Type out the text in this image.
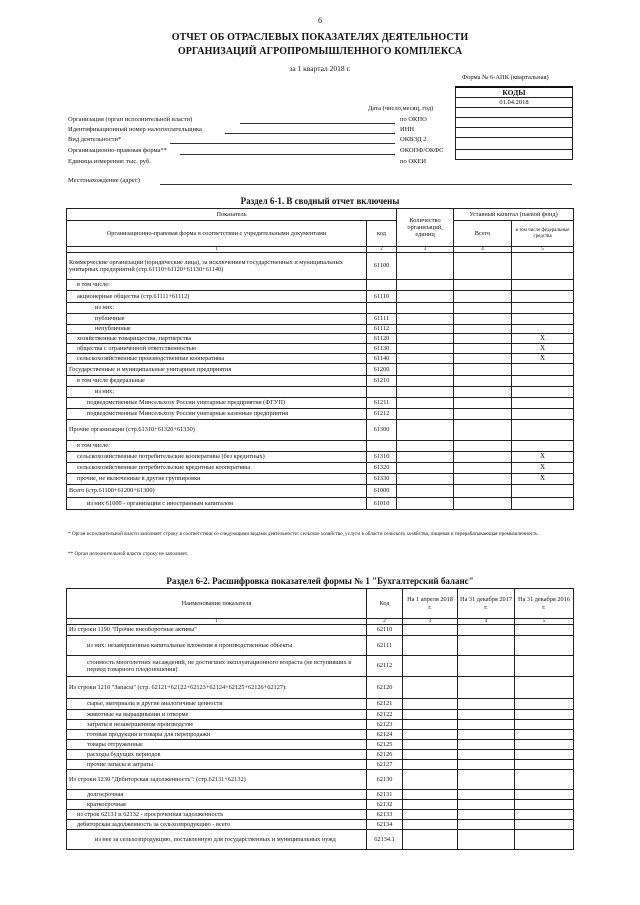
6
ОТЧЕТ ОБ ОТРАСЛЕВЫХ ПОКАЗАТЕЛЯХ ДЕЯТЕЛЬНОСТИ
ОРГАНИЗАЦИЙ АГРОПРОМЫШЛЕННОГО КОМПЛЕКСА
за 1 квартал 2018 г.
Форма № 6-АПК (квартальная)
КОДЫ
01.04.2018

Дата (число,месяц, год)
по ОКПО
ИНН
ОКВЭД 2
ОКОПФ/ОКФС
по ОКЕИ
Организация (орган исполнительной власти)
Идентификационный номер налогоплательщика
Вид деятельности*
Организационно-правовая форма**
Единица измерения: тыс. руб.
Местонахождение (адрес)
Раздел 6-1. В сводный отчет включены
Показатель		Количество организаций, единиц	Уставный капитал (паевой фонд)	
Организационно-правовая форма в соответствии с учредительными документами	код		Всего	в том числе федеральные средства
1	2	3	4	5
Коммерческие организации (юридические лица), за исключением государственных и муниципальных унитарных предприятий (стр.61110+61120+61130+61140)	61100			
в том числе:				
акционерные общества (стр.61111+61112)	61110			
из них:				
публичные	61111			
непубличные	61112			
хозяйственные товарищества, партнерства	61120			X
общества с ограниченной ответственностью	61130			X
сельскохозяйственные производственные кооперативы	61140			X
Государственные и муниципальные унитарные предприятия	61200			
в том числе федеральные	61210			
из них:				
подведомственные Минсельхозу России унитарные предприятия (ФГУП)	61211			
подведомственные Минсельхозу России унитарные казенные предприятия	61212			
Прочие организации (стр.61310+61320+61330)	61300			
в том числе:				
сельскохозяйственные потребительские кооперативы (без кредитных)	61310			X
сельскохозяйственные потребительские кредитные кооперативы	61320			X
прочие, не включенные в другие группировки	61330			X
Всего (стр.61100+61200+61300)	61000			
из них 61000 - организации с иностранным капиталом	61010			
* Орган исполнительной власти заполняет строку в соответствии со следующими видами деятельности: сельское хозяйство, услуги в области сельского хозяйства, пищевая и перерабатывающая промышленность.
** Орган исполнительной власти строку не заполняет.
Раздел 6-2. Расшифровка показателей формы № 1 "Бухгалтерский баланс"
Наименование показателя	Код	На 1 апреля 2018 г.	На 31 декабря 2017 г.	На 31 декабря 2016 г.
1	2	3	4	5
Из строки 1190 "Прочие внеоборотные активы"	62110			
из них: незавершенные капитальные вложения в производственные объекты	62111			
стоимость многолетних насаждений, не достигших эксплуатационного возраста (не вступивших в период товарного плодоношения)	62112			
Из строки 1210 "Запасы" (стр. 62121+62122+62123+62124+62125+62126+62127):	62120			
сырье, материалы и другие аналогичные ценности	62121			
животные на выращивании и откорме	62122			
затраты в незавершенном производстве	62123			
готовая продукция и товары для перепродажи	62124			
товары отгруженные	62125			
расходы будущих периодов	62126			
прочие запасы и затраты	62127			
Из строки 1230 "Дебиторская задолженность": (стр.62131+62132)	62130			
долгосрочная	62131			
краткосрочная	62132			
из строк 62131 и 62132 - просроченная задолженность	62133			
дебиторская задолженность за сельхозпродукцию - всего	62134			
из нее за сельхозпродукцию, поставленную для государственных и муниципальных нужд	62134.1			
